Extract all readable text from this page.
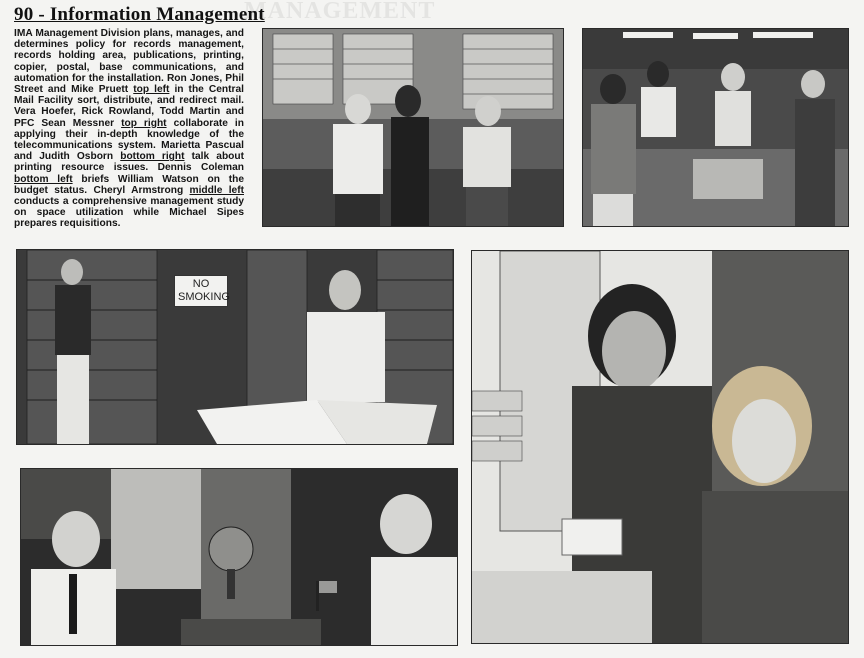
MANAGEMENT
90 - Information Management

IMA Management Division plans, manages, and determines policy for records management, records holding area, publications, printing, copier, postal, base communications, and automation for the installation. Ron Jones, Phil Street and Mike Pruett top left in the Central Mail Facility sort, distribute, and redirect mail. Vera Hoefer, Rick Rowland, Todd Martin and PFC Sean Messner top right collaborate in applying their in-depth knowledge of the telecommunications system. Marietta Pascual and Judith Osborn bottom right talk about printing resource issues. Dennis Coleman bottom left briefs William Watson on the budget status. Cheryl Armstrong middle left conducts a comprehensive management study on space utilization while Michael Sipes prepares requisitions.

NO
SMOKING
